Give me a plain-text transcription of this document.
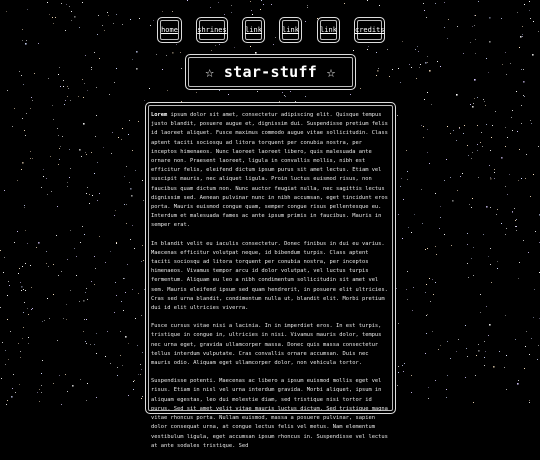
home	shrines	link	link	link	credits
☆ star-stuff ☆

Lorem ipsum dolor sit amet, consectetur adipiscing elit. Quisque tempus justo blandit, posuere augue et, dignissim dui. Suspendisse pretium felis id laoreet aliquet. Fusce maximus commodo augue vitae sollicitudin. Class aptent taciti sociosqu ad litora torquent per conubia nostra, per inceptos himenaeos. Nunc laoreet laoreet libero, quis malesuada ante ornare non. Praesent laoreet, ligula in convallis mollis, nibh est efficitur felis, eleifend dictum ipsum purus sit amet lectus. Etiam vel suscipit mauris, nec aliquet ligula. Proin luctus euismod risus, non faucibus quam dictum non. Nunc auctor feugiat nulla, nec sagittis lectus dignissim sed. Aenean pulvinar nunc in nibh accumsan, eget tincidunt eros porta. Mauris euismod congue quam, semper congue risus pellentesque eu. Interdum et malesuada fames ac ante ipsum primis in faucibus. Mauris in semper erat.

In blandit velit eu iaculis consectetur. Donec finibus in dui eu varius. Maecenas efficitur volutpat neque, id bibendum turpis. Class aptent taciti sociosqu ad litora torquent per conubia nostra, per inceptos himenaeos. Vivamus tempor arcu id dolor volutpat, vel luctus turpis fermentum. Aliquam eu leo a nibh condimentum sollicitudin sit amet vel sem. Mauris eleifend ipsum sed quam hendrerit, in posuere elit ultricies. Cras sed urna blandit, condimentum nulla ut, blandit elit. Morbi pretium dui id elit ultricies viverra.

Fusce cursus vitae nisi a lacinia. In in imperdiet eros. In est turpis, tristique in congue in, ultricies in nisi. Vivamus mauris dolor, tempus nec urna eget, gravida ullamcorper massa. Donec quis massa consectetur tellus interdum vulputate. Cras convallis ornare accumsan. Duis nec mauris odio. Aliquam eget ullamcorper dolor, non vehicula tortor.

Suspendisse potenti. Maecenas ac libero a ipsum euismod mollis eget vel risus. Etiam in nisl vel urna interdum gravida. Morbi aliquet, ipsum in aliquam egestas, leo dui molestie diam, sed tristique nisi tortor id purus. Sed sit amet velit vitae mauris luctus dictum. Sed tristique magna vitae rhoncus porta. Nullam euismod, massa a posuere pulvinar, sapien dolor consequat urna, at congue lectus felis vel metus. Nam elementum vestibulum ligula, eget accumsan ipsum rhoncus in. Suspendisse vel lectus at ante sodales tristique. Sed
